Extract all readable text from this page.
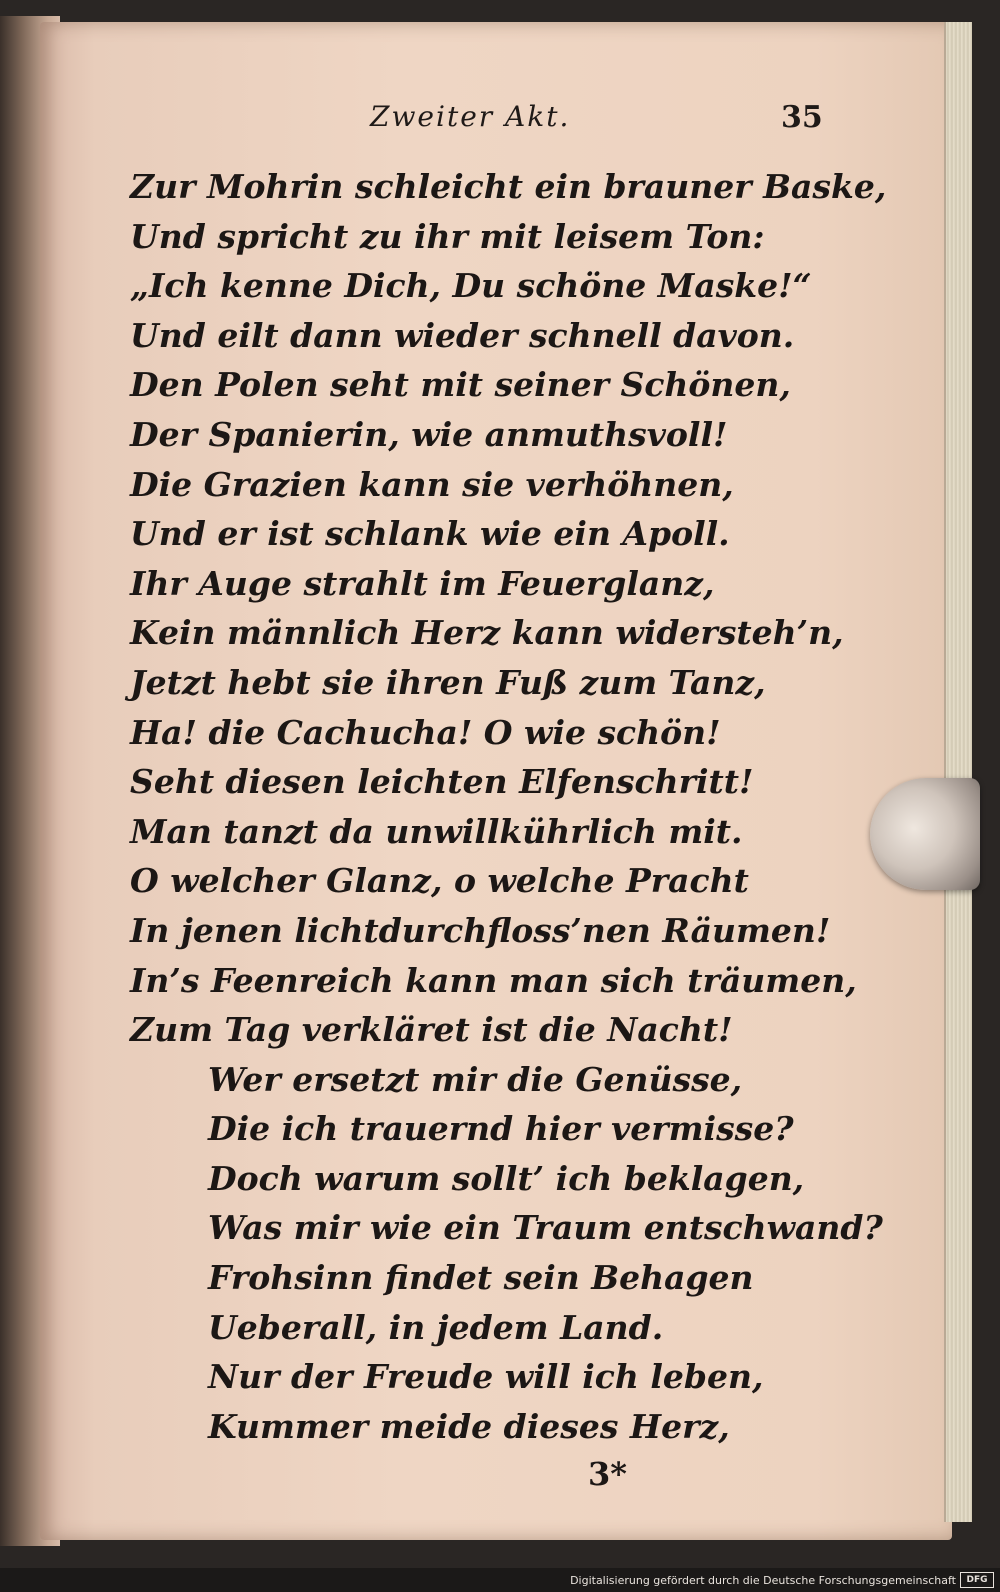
Zweiter Akt.	35
Zur Mohrin schleicht ein brauner Baske,
Und spricht zu ihr mit leisem Ton:
„Ich kenne Dich, Du schöne Maske!“
Und eilt dann wieder schnell davon.
Den Polen seht mit seiner Schönen,
Der Spanierin, wie anmuthsvoll!
Die Grazien kann sie verhöhnen,
Und er ist schlank wie ein Apoll.
Ihr Auge strahlt im Feuerglanz,
Kein männlich Herz kann widersteh’n,
Jetzt hebt sie ihren Fuß zum Tanz,
Ha! die Cachucha! O wie schön!
Seht diesen leichten Elfenschritt!
Man tanzt da unwillkührlich mit.
O welcher Glanz, o welche Pracht
In jenen lichtdurchfloss’nen Räumen!
In’s Feenreich kann man sich träumen,
Zum Tag verkläret ist die Nacht!
Wer ersetzt mir die Genüsse,
Die ich trauernd hier vermisse?
Doch warum sollt’ ich beklagen,
Was mir wie ein Traum entschwand?
Frohsinn findet sein Behagen
Ueberall, in jedem Land.
Nur der Freude will ich leben,
Kummer meide dieses Herz,
3*
Digitalisierung gefördert durch die Deutsche Forschungsgemeinschaft	DFG
